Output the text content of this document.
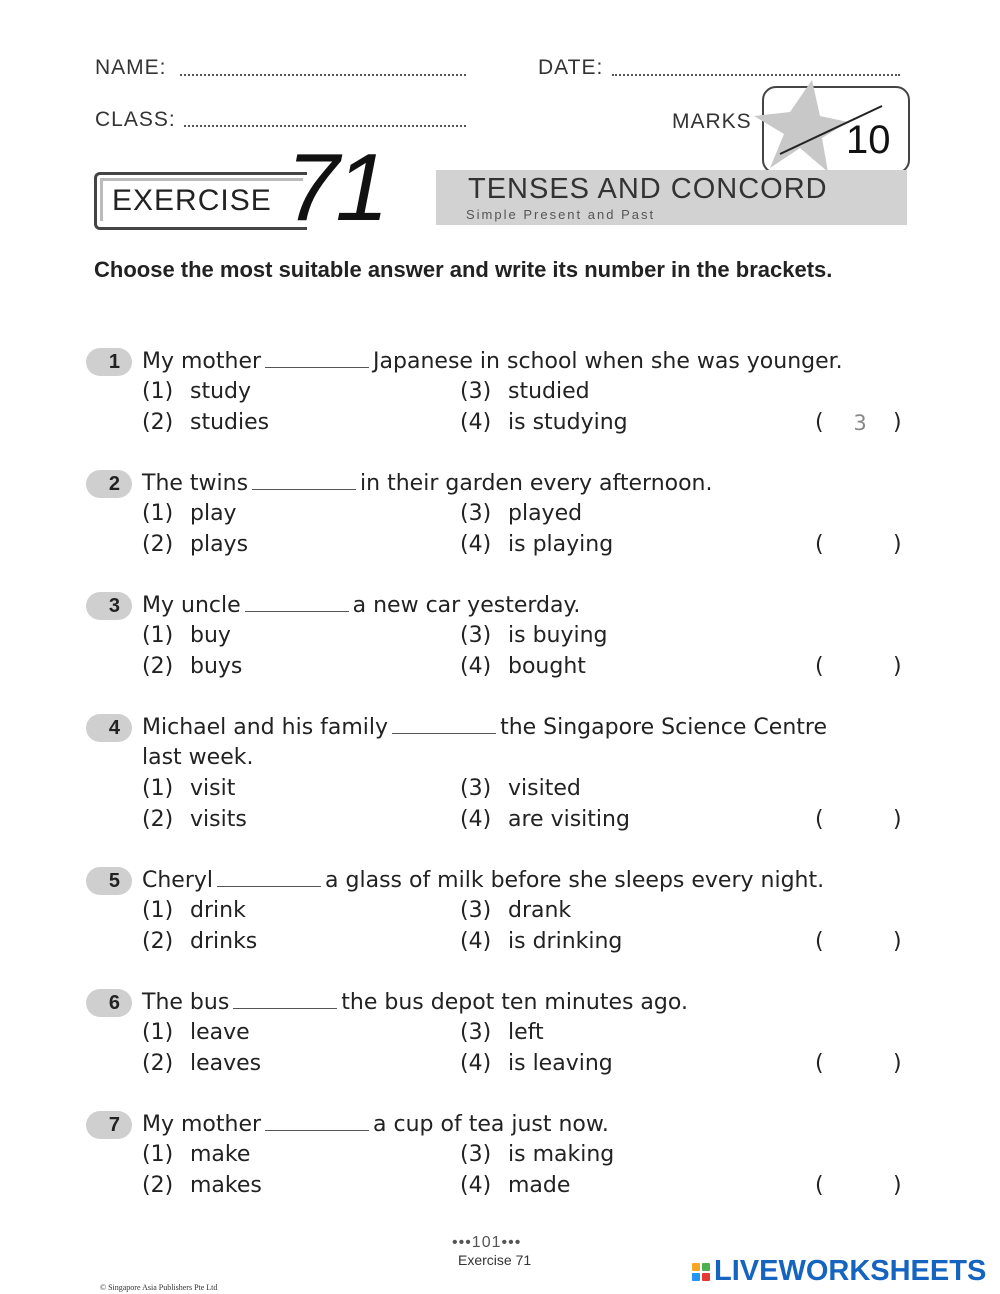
NAME:	DATE:
CLASS:	MARKS 10
EXERCISE 71	TENSES AND CONCORD
Simple Present and Past
Choose the most suitable answer and write its number in the brackets.
1	My mother	Japanese in school when she was younger.
(1) study
(2) studies
(3) studied
(4) is studying	(
3	)
2	The twins	in their garden every afternoon.
(1) play
(2) plays
(3) played
(4) is playing	(	)
3	My uncle	a new car yesterday.
(1) buy
(2) buys
(3) is buying
(4) bought	(	)
4	Michael and his family	the Singapore Science Centre
last week.
(1) visit
(2) visits
(3) visited
(4) are visiting	(	)
5	Cheryl	a glass of milk before she sleeps every night.
(1) drink
(2) drinks
(3) drank
(4) is drinking	(	)
6	The bus	the bus depot ten minutes ago.
(1) leave
(2) leaves
(3) left
(4) is leaving	(	)
7	My mother	a cup of tea just now.
(1) make
(2) makes
(3) is making
(4) made	(	)
•••101•••
Exercise 71
© Singapore Asia Publishers Pte Ltd
LIVEWORKSHEETS
